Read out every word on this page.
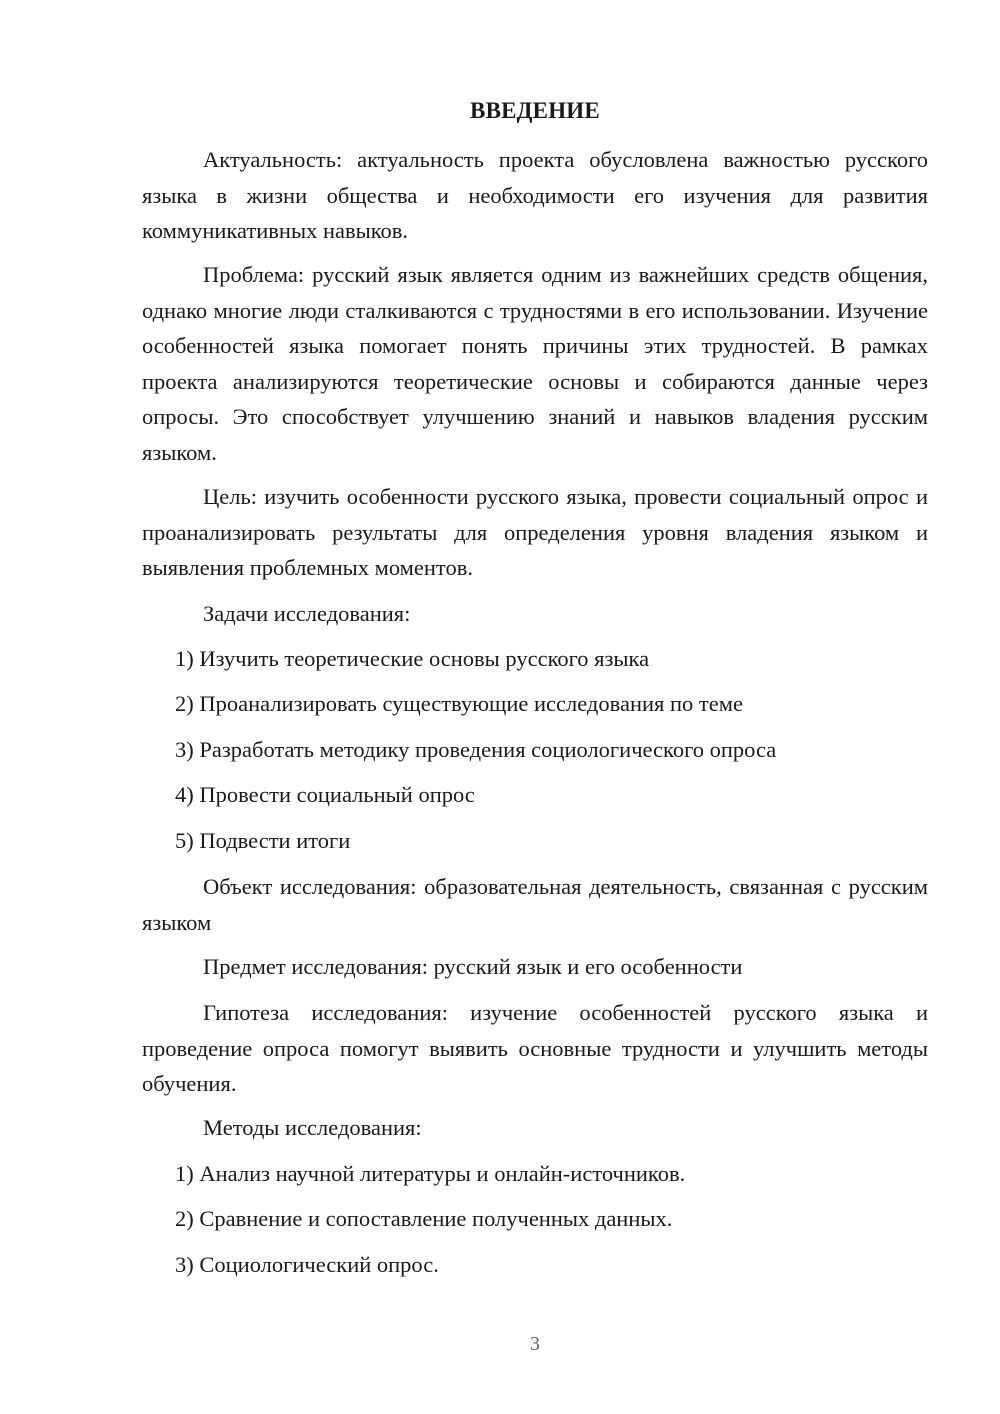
ВВЕДЕНИЕ

Актуальность: актуальность проекта обусловлена важностью русского языка в жизни общества и необходимости его изучения для развития коммуникативных навыков.

Проблема: русский язык является одним из важнейших средств общения, однако многие люди сталкиваются с трудностями в его использовании. Изучение особенностей языка помогает понять причины этих трудностей. В рамках проекта анализируются теоретические основы и собираются данные через опросы. Это способствует улучшению знаний и навыков владения русским языком.

Цель: изучить особенности русского языка, провести социальный опрос и проанализировать результаты для определения уровня владения языком и выявления проблемных моментов.

Задачи исследования:
1) Изучить теоретические основы русского языка
2) Проанализировать существующие исследования по теме
3) Разработать методику проведения социологического опроса
4) Провести социальный опрос
5) Подвести итоги

Объект исследования: образовательная деятельность, связанная с русским языком

Предмет исследования: русский язык и его особенности

Гипотеза исследования: изучение особенностей русского языка и проведение опроса помогут выявить основные трудности и улучшить методы обучения.

Методы исследования:
1) Анализ научной литературы и онлайн-источников.
2) Сравнение и сопоставление полученных данных.
3) Социологический опрос.
3
